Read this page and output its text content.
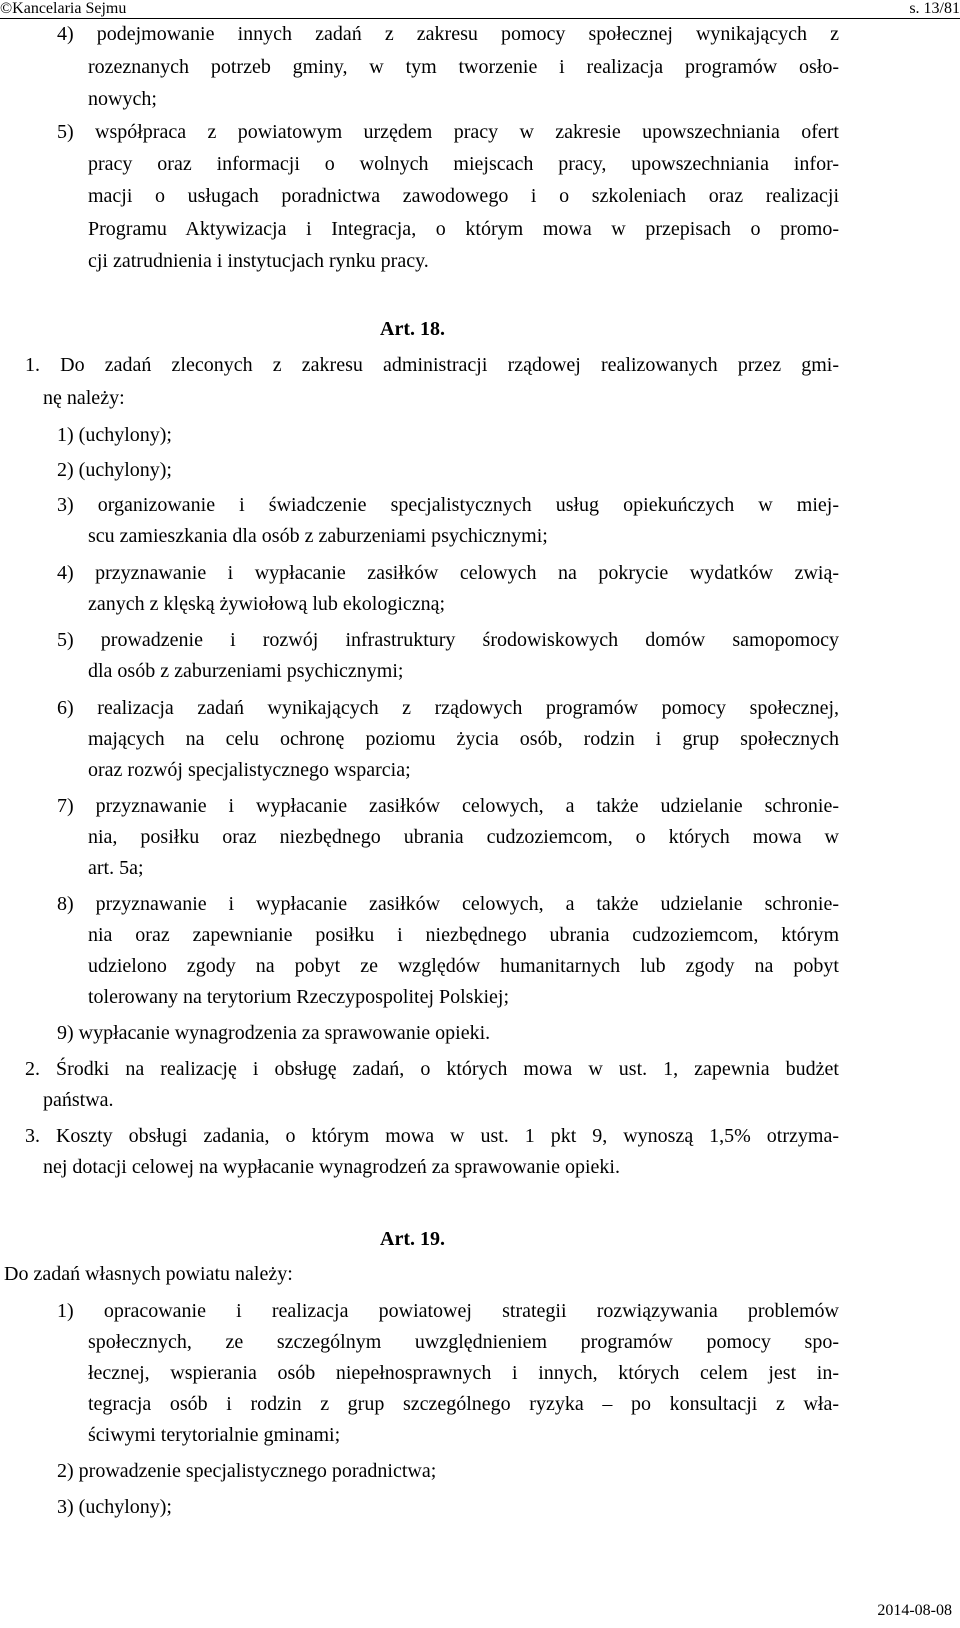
©Kancelaria Sejmu	s. 13/81
4) podejmowanie innych zadań z zakresu pomocy społecznej wynikających z
rozeznanych potrzeb gminy, w tym tworzenie i realizacja programów osło-
nowych;
5) współpraca z powiatowym urzędem pracy w zakresie upowszechniania ofert
pracy oraz informacji o wolnych miejscach pracy, upowszechniania infor-
macji o usługach poradnictwa zawodowego i o szkoleniach oraz realizacji
Programu Aktywizacja i Integracja, o którym mowa w przepisach o promo-
cji zatrudnienia i instytucjach rynku pracy.
Art. 18.
1. Do zadań zleconych z zakresu administracji rządowej realizowanych przez gmi-
nę należy:
1) (uchylony);
2) (uchylony);
3) organizowanie i świadczenie specjalistycznych usług opiekuńczych w miej-
scu zamieszkania dla osób z zaburzeniami psychicznymi;
4) przyznawanie i wypłacanie zasiłków celowych na pokrycie wydatków zwią-
zanych z klęską żywiołową lub ekologiczną;
5) prowadzenie i rozwój infrastruktury środowiskowych domów samopomocy
dla osób z zaburzeniami psychicznymi;
6) realizacja zadań wynikających z rządowych programów pomocy społecznej,
mających na celu ochronę poziomu życia osób, rodzin i grup społecznych
oraz rozwój specjalistycznego wsparcia;
7) przyznawanie i wypłacanie zasiłków celowych, a także udzielanie schronie-
nia, posiłku oraz niezbędnego ubrania cudzoziemcom, o których mowa w
art. 5a;
8) przyznawanie i wypłacanie zasiłków celowych, a także udzielanie schronie-
nia oraz zapewnianie posiłku i niezbędnego ubrania cudzoziemcom, którym
udzielono zgody na pobyt ze względów humanitarnych lub zgody na pobyt
tolerowany na terytorium Rzeczypospolitej Polskiej;
9) wypłacanie wynagrodzenia za sprawowanie opieki.
2. Środki na realizację i obsługę zadań, o których mowa w ust. 1, zapewnia budżet
państwa.
3. Koszty obsługi zadania, o którym mowa w ust. 1 pkt 9, wynoszą 1,5% otrzyma-
nej dotacji celowej na wypłacanie wynagrodzeń za sprawowanie opieki.
Art. 19.
Do zadań własnych powiatu należy:
1) opracowanie i realizacja powiatowej strategii rozwiązywania problemów
społecznych, ze szczególnym uwzględnieniem programów pomocy spo-
łecznej, wspierania osób niepełnosprawnych i innych, których celem jest in-
tegracja osób i rodzin z grup szczególnego ryzyka – po konsultacji z wła-
ściwymi terytorialnie gminami;
2) prowadzenie specjalistycznego poradnictwa;
3) (uchylony);
2014-08-08
